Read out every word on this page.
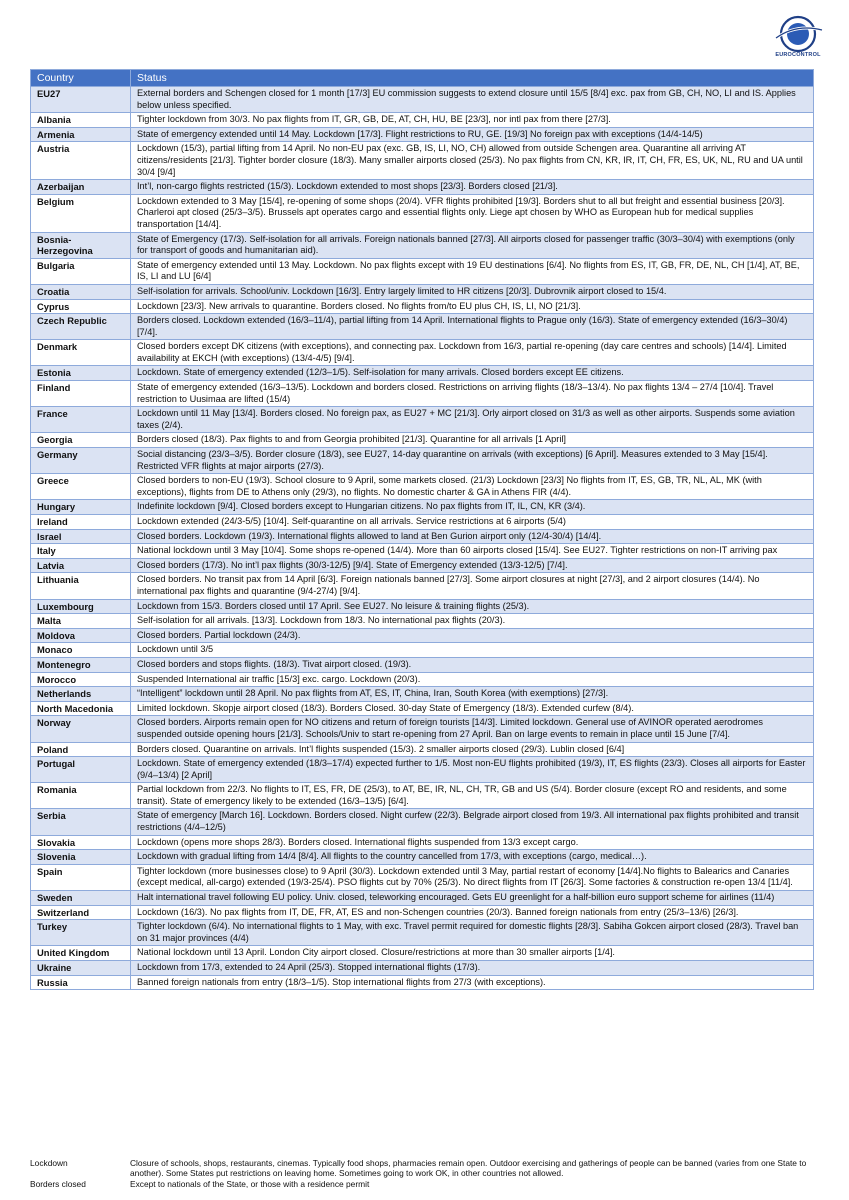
EUROCONTROL
Country	Status
EU27	External borders and Schengen closed for 1 month [17/3] EU commission suggests to extend closure until 15/5 [8/4] exc. pax from GB, CH, NO, LI and IS. Applies below unless specified.
Albania	Tighter lockdown from 30/3. No pax flights from IT, GR, GB, DE, AT, CH, HU, BE [23/3], nor intl pax from there [27/3].
Armenia	State of emergency extended until 14 May. Lockdown [17/3]. Flight restrictions to RU, GE. [19/3] No foreign pax with exceptions (14/4-14/5)
Austria	Lockdown (15/3), partial lifting from 14 April. No non-EU pax (exc. GB, IS, LI, NO, CH) allowed from outside Schengen area. Quarantine all arriving AT citizens/residents [21/3]. Tighter border closure (18/3). Many smaller airports closed (25/3). No pax flights from CN, KR, IR, IT, CH, FR, ES, UK, NL, RU and UA until 30/4 [9/4]
Azerbaijan	Int’l, non-cargo flights restricted (15/3). Lockdown extended to most shops [23/3]. Borders closed [21/3].
Belgium	Lockdown extended to 3 May [15/4], re-opening of some shops (20/4). VFR flights prohibited [19/3]. Borders shut to all but freight and essential business [20/3]. Charleroi apt closed (25/3–3/5). Brussels apt operates cargo and essential flights only. Liege apt chosen by WHO as European hub for medical supplies transportation [14/4].
Bosnia-Herzegovina	State of Emergency (17/3). Self-isolation for all arrivals. Foreign nationals banned [27/3]. All airports closed for passenger traffic (30/3–30/4) with exemptions (only for transport of goods and humanitarian aid).
Bulgaria	State of emergency extended until 13 May. Lockdown. No pax flights except with 19 EU destinations [6/4]. No flights from ES, IT, GB, FR, DE, NL, CH [1/4], AT, BE, IS, LI and LU [6/4]
Croatia	Self-isolation for arrivals. School/univ. Lockdown [16/3]. Entry largely limited to HR citizens [20/3]. Dubrovnik airport closed to 15/4.
Cyprus	Lockdown [23/3]. New arrivals to quarantine. Borders closed. No flights from/to EU plus CH, IS, LI, NO [21/3].
Czech Republic	Borders closed. Lockdown extended (16/3–11/4), partial lifting from 14 April. International flights to Prague only (16/3). State of emergency extended (16/3–30/4) [7/4].
Denmark	Closed borders except DK citizens (with exceptions), and connecting pax. Lockdown from 16/3, partial re-opening (day care centres and schools) [14/4]. Limited availability at EKCH (with exceptions) (13/4-4/5) [9/4].
Estonia	Lockdown. State of emergency extended (12/3–1/5). Self-isolation for many arrivals. Closed borders except EE citizens.
Finland	State of emergency extended (16/3–13/5). Lockdown and borders closed. Restrictions on arriving flights (18/3–13/4). No pax flights 13/4 – 27/4 [10/4]. Travel restriction to Uusimaa are lifted (15/4)
France	Lockdown until 11 May [13/4]. Borders closed. No foreign pax, as EU27 + MC [21/3]. Orly airport closed on 31/3 as well as other airports. Suspends some aviation taxes (2/4).
Georgia	Borders closed (18/3). Pax flights to and from Georgia prohibited [21/3]. Quarantine for all arrivals [1 April]
Germany	Social distancing (23/3–3/5). Border closure (18/3), see EU27, 14-day quarantine on arrivals (with exceptions) [6 April]. Measures extended to 3 May [15/4]. Restricted VFR flights at major airports (27/3).
Greece	Closed borders to non-EU (19/3). School closure to 9 April, some markets closed. (21/3) Lockdown [23/3] No flights from IT, ES, GB, TR, NL, AL, MK (with exceptions), flights from DE to Athens only (29/3), no flights. No domestic charter & GA in Athens FIR (4/4).
Hungary	Indefinite lockdown [9/4]. Closed borders except to Hungarian citizens. No pax flights from IT, IL, CN, KR (3/4).
Ireland	Lockdown extended (24/3-5/5) [10/4]. Self-quarantine on all arrivals. Service restrictions at 6 airports (5/4)
Israel	Closed borders. Lockdown (19/3). International flights allowed to land at Ben Gurion airport only (12/4-30/4) [14/4].
Italy	National lockdown until 3 May [10/4]. Some shops re-opened (14/4). More than 60 airports closed [15/4]. See EU27. Tighter restrictions on non-IT arriving pax
Latvia	Closed borders (17/3). No int’l pax flights (30/3-12/5) [9/4]. State of Emergency extended (13/3-12/5) [7/4].
Lithuania	Closed borders. No transit pax from 14 April [6/3]. Foreign nationals banned [27/3]. Some airport closures at night [27/3], and 2 airport closures (14/4). No international pax flights and quarantine (9/4-27/4) [9/4].
Luxembourg	Lockdown from 15/3. Borders closed until 17 April. See EU27. No leisure & training flights (25/3).
Malta	Self-isolation for all arrivals. [13/3]. Lockdown from 18/3. No international pax flights (20/3).
Moldova	Closed borders. Partial lockdown (24/3).
Monaco	Lockdown until 3/5
Montenegro	Closed borders and stops flights. (18/3). Tivat airport closed. (19/3).
Morocco	Suspended International air traffic [15/3] exc. cargo. Lockdown (20/3).
Netherlands	“Intelligent” lockdown until 28 April. No pax flights from AT, ES, IT, China, Iran, South Korea (with exemptions) [27/3].
North Macedonia	Limited lockdown. Skopje airport closed (18/3). Borders Closed. 30-day State of Emergency (18/3). Extended curfew (8/4).
Norway	Closed borders. Airports remain open for NO citizens and return of foreign tourists [14/3]. Limited lockdown. General use of AVINOR operated aerodromes suspended outside opening hours [21/3]. Schools/Univ to start re-opening from 27 April. Ban on large events to remain in place until 15 June [7/4].
Poland	Borders closed. Quarantine on arrivals. Int’l flights suspended (15/3). 2 smaller airports closed (29/3). Lublin closed [6/4]
Portugal	Lockdown. State of emergency extended (18/3–17/4) expected further to 1/5. Most non-EU flights prohibited (19/3), IT, ES flights (23/3). Closes all airports for Easter (9/4–13/4) [2 April]
Romania	Partial lockdown from 22/3. No flights to IT, ES, FR, DE (25/3), to AT, BE, IR, NL, CH, TR, GB and US (5/4). Border closure (except RO and residents, and some transit). State of emergency likely to be extended (16/3–13/5) [6/4].
Serbia	State of emergency [March 16]. Lockdown. Borders closed. Night curfew (22/3). Belgrade airport closed from 19/3. All international pax flights prohibited and transit restrictions (4/4–12/5)
Slovakia	Lockdown (opens more shops 28/3). Borders closed. International flights suspended from 13/3 except cargo.
Slovenia	Lockdown with gradual lifting from 14/4 [8/4]. All flights to the country cancelled from 17/3, with exceptions (cargo, medical…).
Spain	Tighter lockdown (more businesses close) to 9 April (30/3). Lockdown extended until 3 May, partial restart of economy [14/4].No flights to Balearics and Canaries (except medical, all-cargo) extended (19/3-25/4). PSO flights cut by 70% (25/3). No direct flights from IT [26/3]. Some factories & construction re-open 13/4 [11/4].
Sweden	Halt international travel following EU policy. Univ. closed, teleworking encouraged. Gets EU greenlight for a half-billion euro support scheme for airlines (11/4)
Switzerland	Lockdown (16/3). No pax flights from IT, DE, FR, AT, ES and non-Schengen countries (20/3). Banned foreign nationals from entry (25/3–13/6) [26/3].
Turkey	Tighter lockdown (6/4). No international flights to 1 May, with exc. Travel permit required for domestic flights [28/3]. Sabiha Gokcen airport closed (28/3). Travel ban on 31 major provinces (4/4)
United Kingdom	National lockdown until 13 April. London City airport closed. Closure/restrictions at more than 30 smaller airports [1/4].
Ukraine	Lockdown from 17/3, extended to 24 April (25/3). Stopped international flights (17/3).
Russia	Banned foreign nationals from entry (18/3–1/5). Stop international flights from 27/3 (with exceptions).
Lockdown	Closure of schools, shops, restaurants, cinemas. Typically food shops, pharmacies remain open. Outdoor exercising and gatherings of people can be banned (varies from one State to another). Some States put restrictions on leaving home. Sometimes going to work OK, in other countries not allowed.
Borders closed	Except to nationals of the State, or those with a residence permit
